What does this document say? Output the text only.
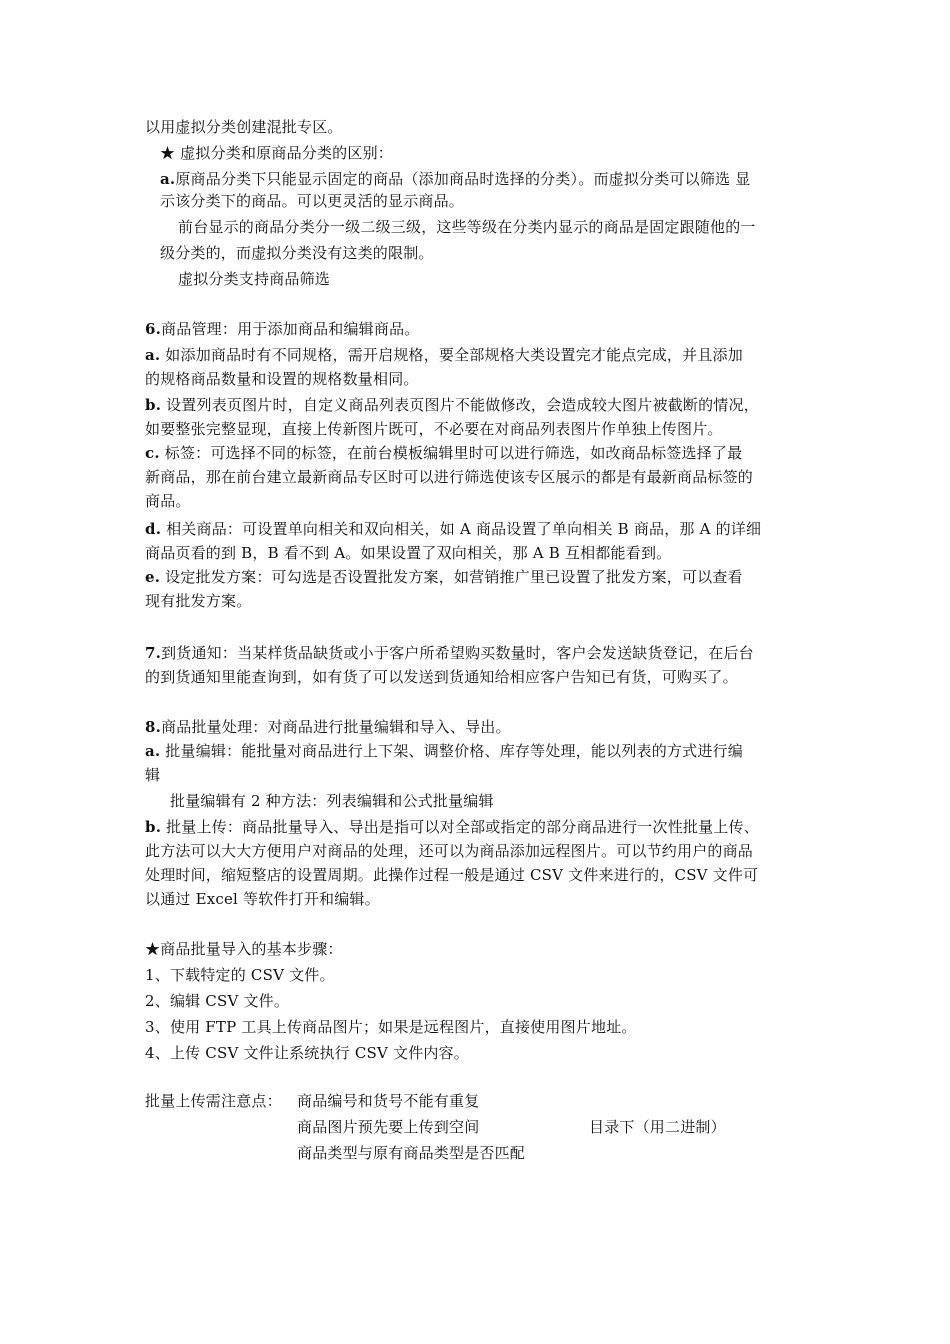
以用虚拟分类创建混批专区。
★ 虚拟分类和原商品分类的区别：
a.原商品分类下只能显示固定的商品（添加商品时选择的分类）。而虚拟分类可以筛选 显
示该分类下的商品。可以更灵活的显示商品。
前台显示的商品分类分一级二级三级，这些等级在分类内显示的商品是固定跟随他的一
级分类的，而虚拟分类没有这类的限制。
虚拟分类支持商品筛选
6.商品管理：用于添加商品和编辑商品。
a. 如添加商品时有不同规格，需开启规格，要全部规格大类设置完才能点完成，并且添加
的规格商品数量和设置的规格数量相同。
b. 设置列表页图片时，自定义商品列表页图片不能做修改，会造成较大图片被截断的情况，
如要整张完整显现，直接上传新图片既可，不必要在对商品列表图片作单独上传图片。
c. 标签：可选择不同的标签，在前台模板编辑里时可以进行筛选，如改商品标签选择了最
新商品，那在前台建立最新商品专区时可以进行筛选使该专区展示的都是有最新商品标签的
商品。
d. 相关商品：可设置单向相关和双向相关，如 A 商品设置了单向相关 B 商品，那 A 的详细
商品页看的到 B，B 看不到 A。如果设置了双向相关，那 A B 互相都能看到。
e. 设定批发方案：可勾选是否设置批发方案，如营销推广里已设置了批发方案，可以查看
现有批发方案。
7.到货通知：当某样货品缺货或小于客户所希望购买数量时，客户会发送缺货登记，在后台
的到货通知里能查询到，如有货了可以发送到货通知给相应客户告知已有货，可购买了。
8.商品批量处理：对商品进行批量编辑和导入、导出。
a. 批量编辑：能批量对商品进行上下架、调整价格、库存等处理，能以列表的方式进行编
辑
批量编辑有 2 种方法：列表编辑和公式批量编辑
b. 批量上传：商品批量导入、导出是指可以对全部或指定的部分商品进行一次性批量上传、
此方法可以大大方便用户对商品的处理，还可以为商品添加远程图片。可以节约用户的商品
处理时间，缩短整店的设置周期。此操作过程一般是通过 CSV 文件来进行的，CSV 文件可
以通过 Excel 等软件打开和编辑。
★商品批量导入的基本步骤：
1、下载特定的 CSV 文件。
2、编辑 CSV 文件。
3、使用 FTP 工具上传商品图片；如果是远程图片，直接使用图片地址。
4、上传 CSV 文件让系统执行 CSV 文件内容。
批量上传需注意点： 商品编号和货号不能有重复
商品图片预先要上传到空间	目录下（用二进制）
商品类型与原有商品类型是否匹配
